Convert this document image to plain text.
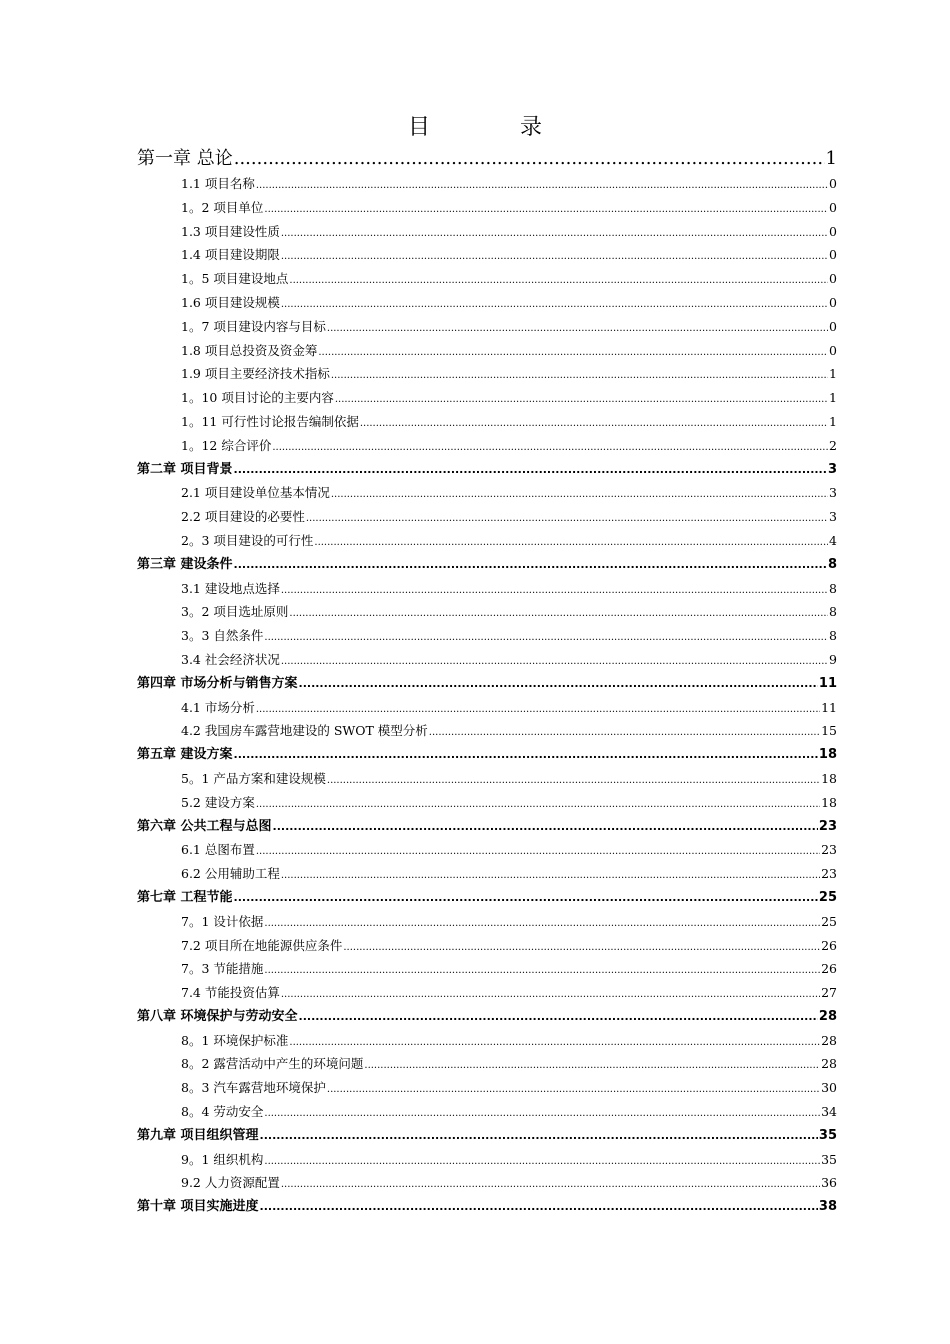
目　录
第一章 总论 .....	1
1.1 项目名称 .....	0
1。2 项目单位 .....	0
1.3 项目建设性质 .....	0
1.4 项目建设期限 .....	0
1。5 项目建设地点 .....	0
1.6 项目建设规模 .....	0
1。7 项目建设内容与目标 .....	0
1.8 项目总投资及资金筹 .....	0
1.9 项目主要经济技术指标 .....	1
1。10 项目讨论的主要内容 .....	1
1。11 可行性讨论报告编制依据 .....	1
1。12 综合评价 .....	2
第二章 项目背景 .....	3
2.1 项目建设单位基本情况 .....	3
2.2 项目建设的必要性 .....	3
2。3 项目建设的可行性 .....	4
第三章 建设条件 .....	8
3.1 建设地点选择 .....	8
3。2 项目选址原则 .....	8
3。3 自然条件 .....	8
3.4 社会经济状况 .....	9
第四章 市场分析与销售方案 .....	11
4.1 市场分析 .....	11
4.2 我国房车露营地建设的 SWOT 模型分析 .....	15
第五章 建设方案 .....	18
5。1 产品方案和建设规模 .....	18
5.2 建设方案 .....	18
第六章 公共工程与总图 .....	23
6.1 总图布置 .....	23
6.2 公用辅助工程 .....	23
第七章 工程节能 .....	25
7。1 设计依据 .....	25
7.2 项目所在地能源供应条件 .....	26
7。3 节能措施 .....	26
7.4 节能投资估算 .....	27
第八章 环境保护与劳动安全 .....	28
8。1 环境保护标准 .....	28
8。2 露营活动中产生的环境问题 .....	28
8。3 汽车露营地环境保护 .....	30
8。4 劳动安全 .....	34
第九章 项目组织管理 .....	35
9。1 组织机构 .....	35
9.2 人力资源配置 .....	36
第十章 项目实施进度 .....	38
